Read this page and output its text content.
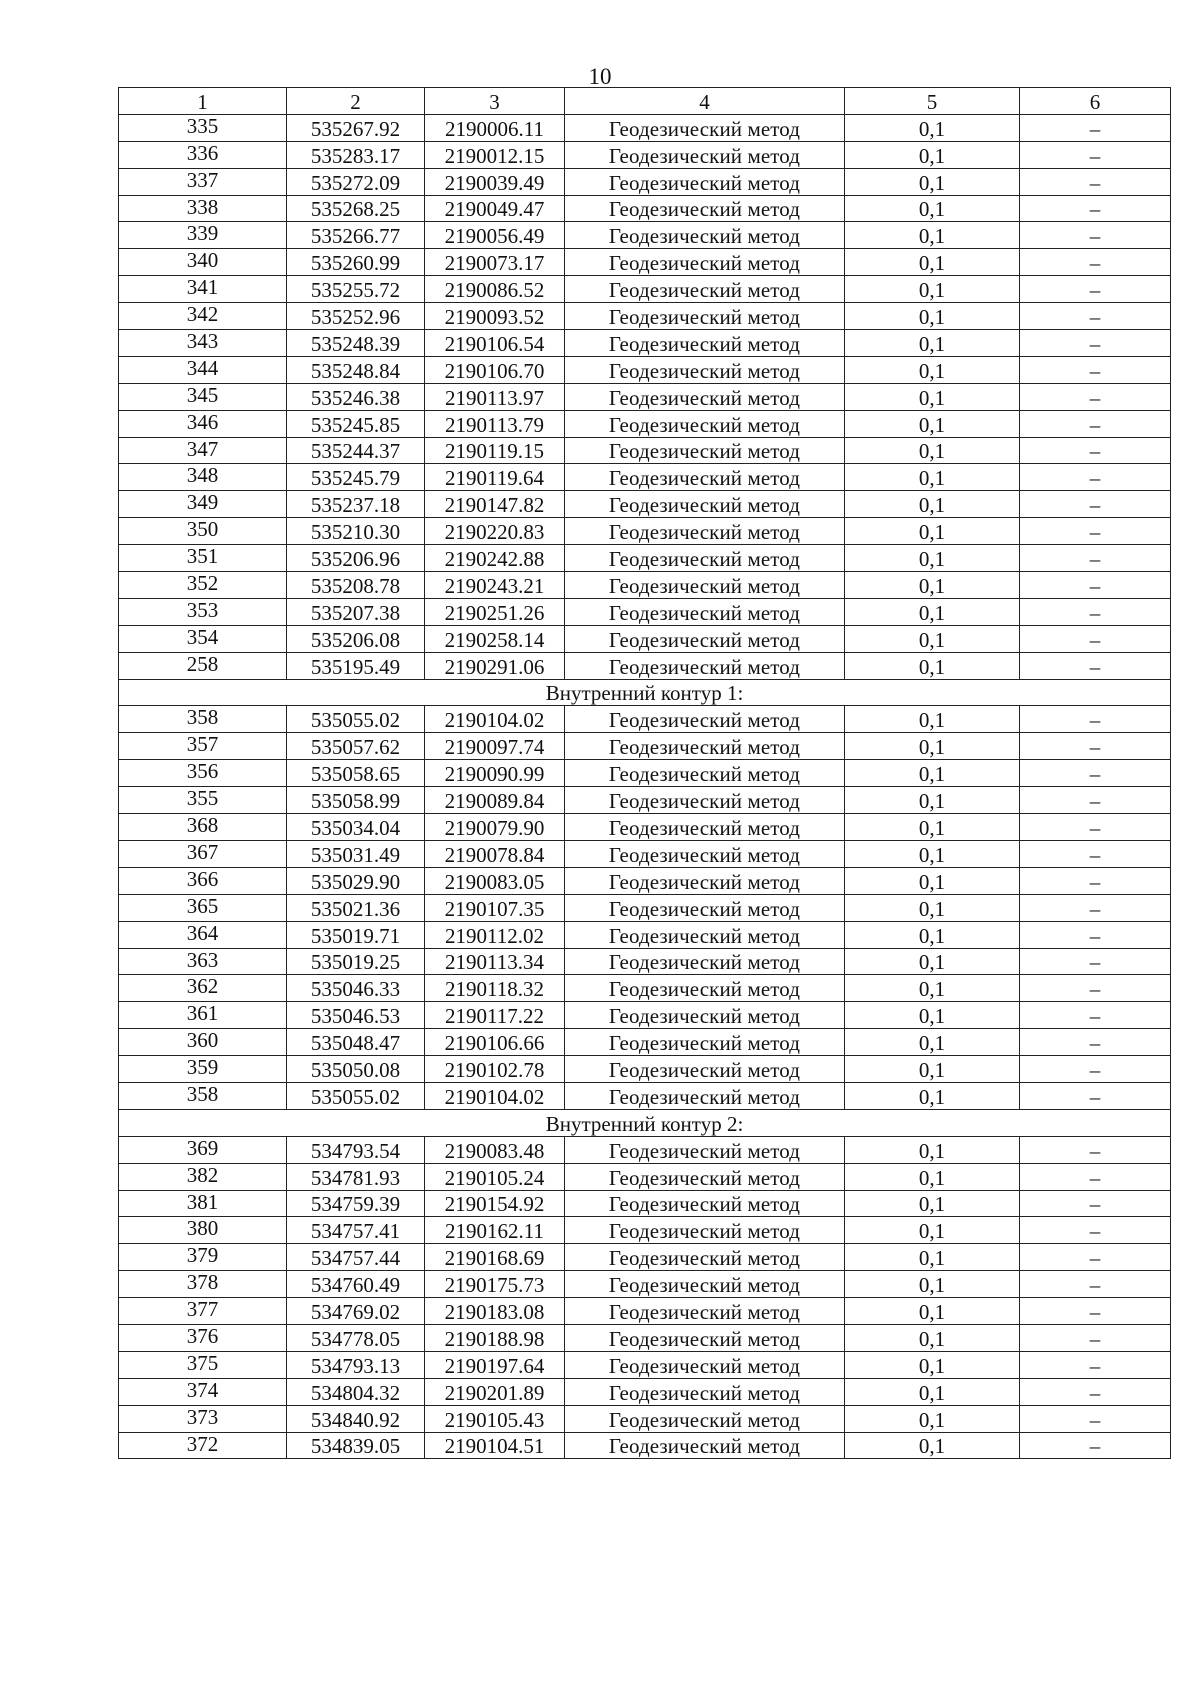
10
1	2	3	4	5	6
335	535267.92	2190006.11	Геодезический метод	0,1	–
336	535283.17	2190012.15	Геодезический метод	0,1	–
337	535272.09	2190039.49	Геодезический метод	0,1	–
338	535268.25	2190049.47	Геодезический метод	0,1	–
339	535266.77	2190056.49	Геодезический метод	0,1	–
340	535260.99	2190073.17	Геодезический метод	0,1	–
341	535255.72	2190086.52	Геодезический метод	0,1	–
342	535252.96	2190093.52	Геодезический метод	0,1	–
343	535248.39	2190106.54	Геодезический метод	0,1	–
344	535248.84	2190106.70	Геодезический метод	0,1	–
345	535246.38	2190113.97	Геодезический метод	0,1	–
346	535245.85	2190113.79	Геодезический метод	0,1	–
347	535244.37	2190119.15	Геодезический метод	0,1	–
348	535245.79	2190119.64	Геодезический метод	0,1	–
349	535237.18	2190147.82	Геодезический метод	0,1	–
350	535210.30	2190220.83	Геодезический метод	0,1	–
351	535206.96	2190242.88	Геодезический метод	0,1	–
352	535208.78	2190243.21	Геодезический метод	0,1	–
353	535207.38	2190251.26	Геодезический метод	0,1	–
354	535206.08	2190258.14	Геодезический метод	0,1	–
258	535195.49	2190291.06	Геодезический метод	0,1	–
Внутренний контур 1:					
358	535055.02	2190104.02	Геодезический метод	0,1	–
357	535057.62	2190097.74	Геодезический метод	0,1	–
356	535058.65	2190090.99	Геодезический метод	0,1	–
355	535058.99	2190089.84	Геодезический метод	0,1	–
368	535034.04	2190079.90	Геодезический метод	0,1	–
367	535031.49	2190078.84	Геодезический метод	0,1	–
366	535029.90	2190083.05	Геодезический метод	0,1	–
365	535021.36	2190107.35	Геодезический метод	0,1	–
364	535019.71	2190112.02	Геодезический метод	0,1	–
363	535019.25	2190113.34	Геодезический метод	0,1	–
362	535046.33	2190118.32	Геодезический метод	0,1	–
361	535046.53	2190117.22	Геодезический метод	0,1	–
360	535048.47	2190106.66	Геодезический метод	0,1	–
359	535050.08	2190102.78	Геодезический метод	0,1	–
358	535055.02	2190104.02	Геодезический метод	0,1	–
Внутренний контур 2:					
369	534793.54	2190083.48	Геодезический метод	0,1	–
382	534781.93	2190105.24	Геодезический метод	0,1	–
381	534759.39	2190154.92	Геодезический метод	0,1	–
380	534757.41	2190162.11	Геодезический метод	0,1	–
379	534757.44	2190168.69	Геодезический метод	0,1	–
378	534760.49	2190175.73	Геодезический метод	0,1	–
377	534769.02	2190183.08	Геодезический метод	0,1	–
376	534778.05	2190188.98	Геодезический метод	0,1	–
375	534793.13	2190197.64	Геодезический метод	0,1	–
374	534804.32	2190201.89	Геодезический метод	0,1	–
373	534840.92	2190105.43	Геодезический метод	0,1	–
372	534839.05	2190104.51	Геодезический метод	0,1	–
